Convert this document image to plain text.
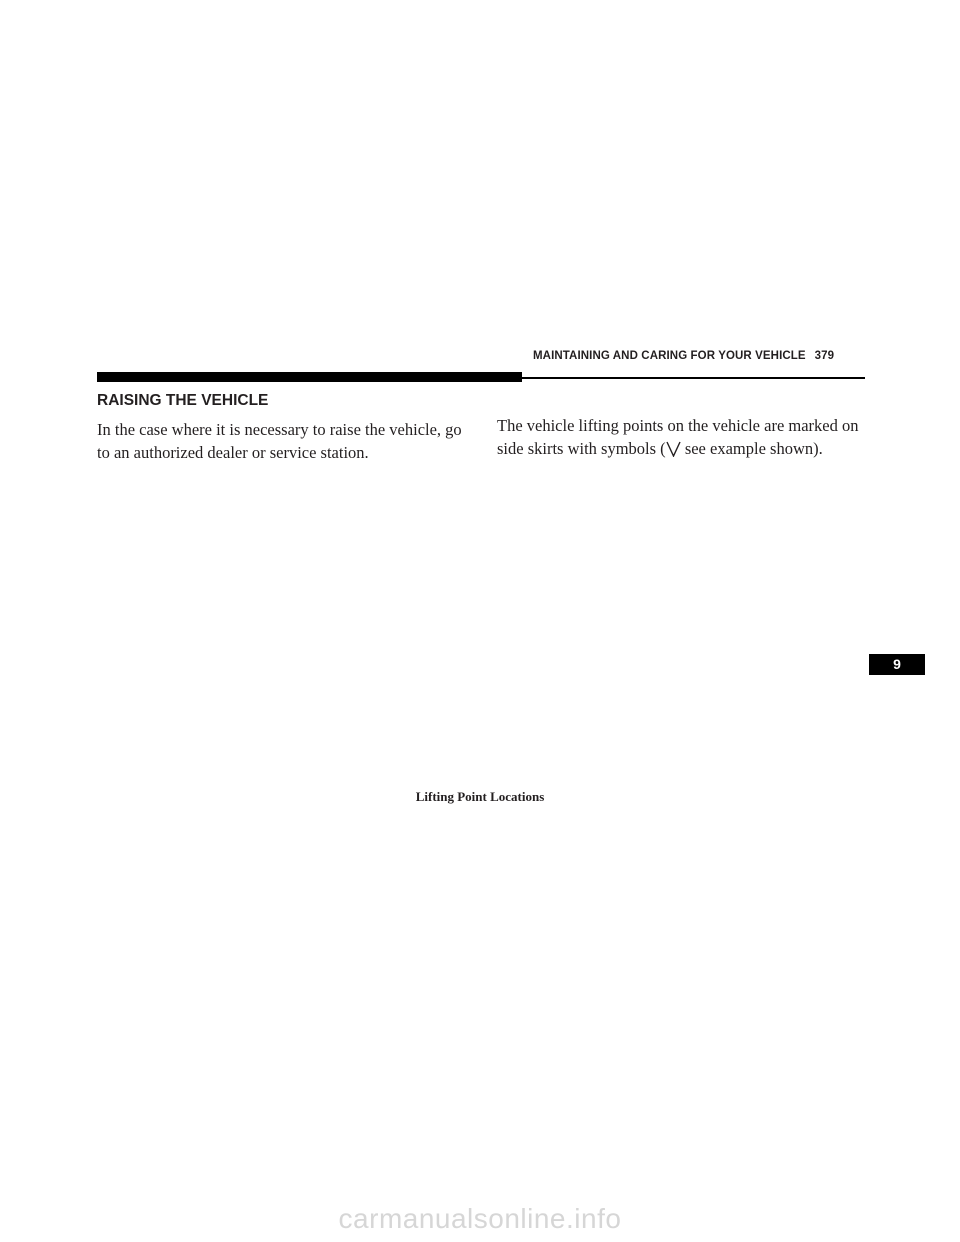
MAINTAINING AND CARING FOR YOUR VEHICLE 379
RAISING THE VEHICLE

In the case where it is necessary to raise the vehicle, go to an authorized dealer or service station.

The vehicle lifting points on the vehicle are marked on side skirts with symbols ( see example shown).

Lifting Point Locations
9
carmanualsonline.info
